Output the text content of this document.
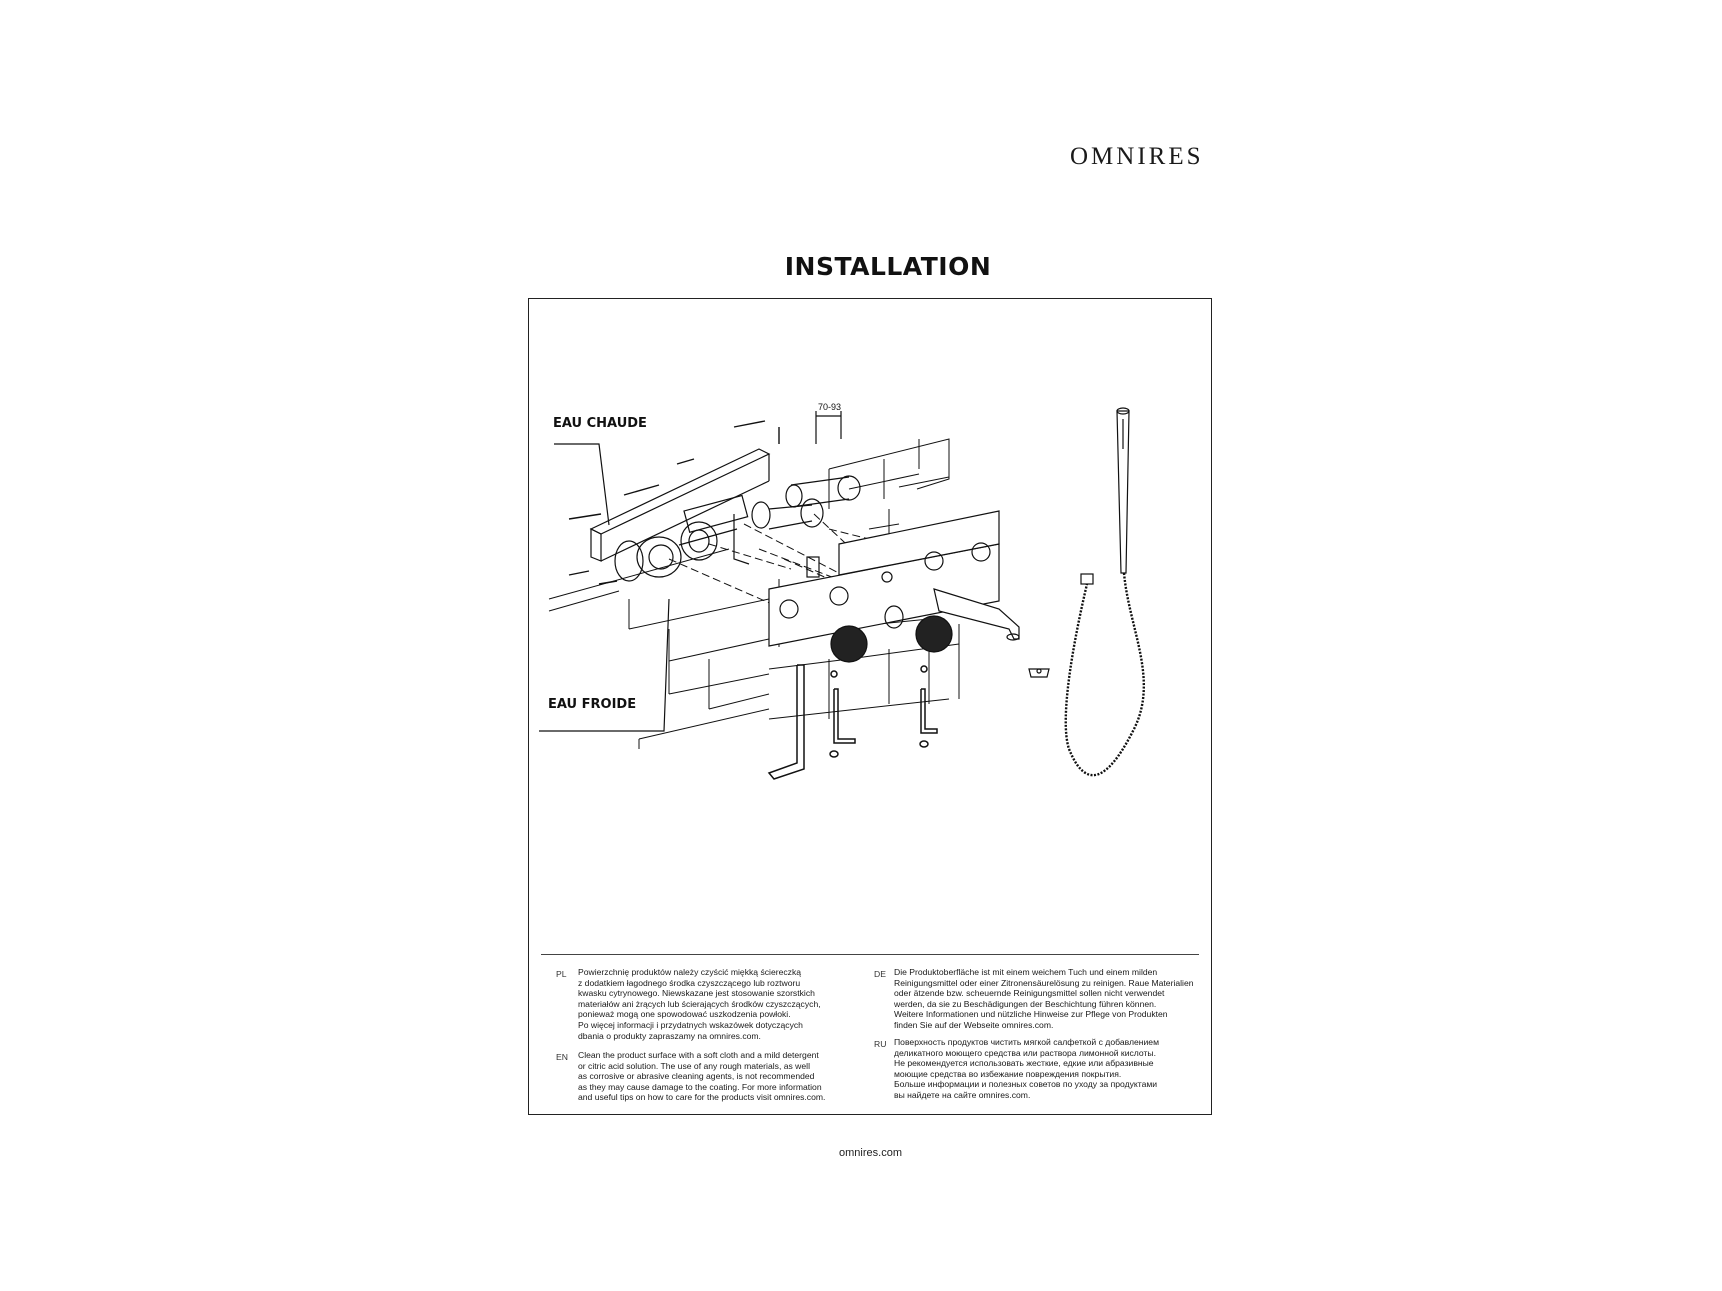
OMNIRES
INSTALLATION
EAU CHAUDE
EAU FROIDE
70-93
PL Powierzchnię produktów należy czyścić miękką ściereczką
z dodatkiem łagodnego środka czyszczącego lub roztworu
kwasku cytrynowego. Niewskazane jest stosowanie szorstkich
materiałów ani żrących lub ścierających środków czyszczących,
ponieważ mogą one spowodować uszkodzenia powłoki.
Po więcej informacji i przydatnych wskazówek dotyczących
dbania o produkty zapraszamy na omnires.com.

EN Clean the product surface with a soft cloth and a mild detergent
or citric acid solution. The use of any rough materials, as well
as corrosive or abrasive cleaning agents, is not recommended
as they may cause damage to the coating. For more information
and useful tips on how to care for the products visit omnires.com.

DE Die Produktoberfläche ist mit einem weichem Tuch und einem milden
Reinigungsmittel oder einer Zitronensäurelösung zu reinigen. Raue Materialien
oder ätzende bzw. scheuernde Reinigungsmittel sollen nicht verwendet
werden, da sie zu Beschädigungen der Beschichtung führen können.
Weitere Informationen und nützliche Hinweise zur Pflege von Produkten
finden Sie auf der Webseite omnires.com.

RU Поверхность продуктов чистить мягкой салфеткой с добавлением
деликатного моющего средства или раствора лимонной кислоты.
Не рекомендуется использовать жесткие, едкие или абразивные
моющие средства во избежание повреждения покрытия.
Больше информации и полезных советов по уходу за продуктами
вы найдете на сайте omnires.com.

omnires.com
